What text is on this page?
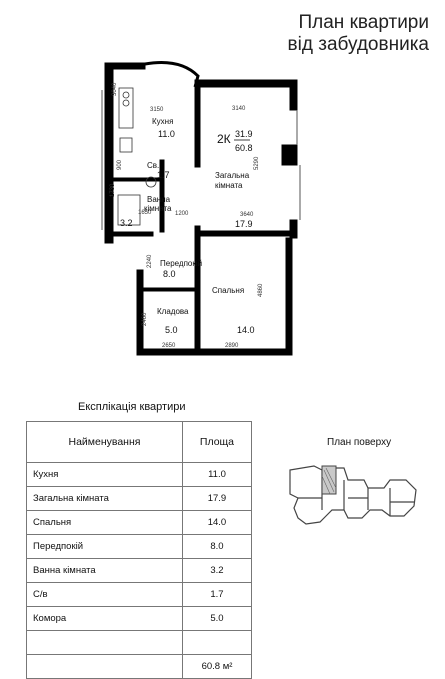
План квартири
від забудовника
3150	3140
3040
5290
1200	3640
2240
4860
2460
2650	2890
1730
1650
900
2К 31.9
60.8
Кухня
11.0
Загальна
кімната
17.9
Св.
1.7
Ванна
кімната
3.2
Передпокій
8.0
Кладова
5.0
Спальня
14.0
Експлікація квартири
Найменування	Площа
Кухня	11.0
Загальна кімната	17.9
Спальня	14.0
Передпокій	8.0
Ванна кімната	3.2
С/в	1.7
Комора	5.0

	60.8 м²
План поверху
